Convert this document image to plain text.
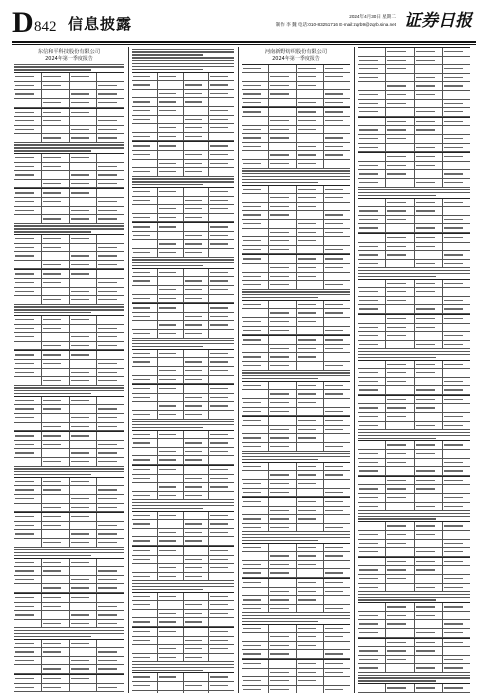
D 842 信息披露	2024年4月30日 星期二
制作 李 魏 电话:010-83251716 E-mail:zqrb9@zqrb.sina.net 证券日报
东信和平科技股份有限公司
2024年第一季度报告
河南新野纺织股份有限公司
2024年第一季度报告
